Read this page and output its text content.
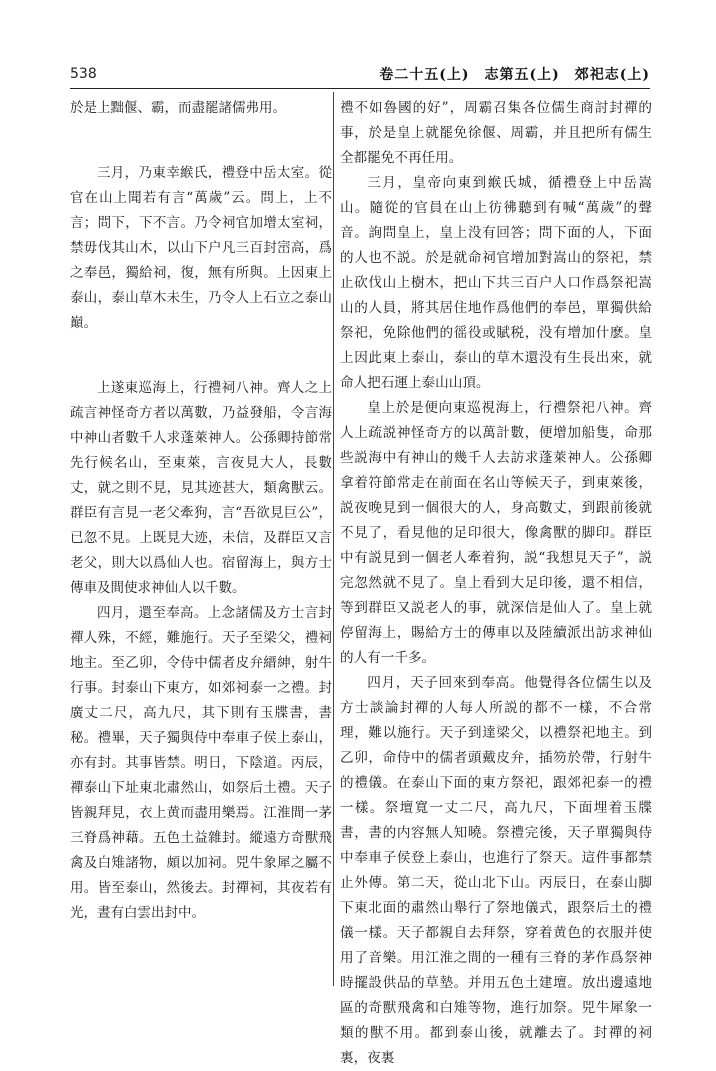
538	卷二十五(上)　志第五(上)　郊祀志(上)

於是上黜偃、霸，而盡罷諸儒弗用。

三月，乃東幸緱氏，禮登中岳太室。從官在山上聞若有言“萬歲”云。問上，上不言；問下，下不言。乃令祠官加增太室祠，禁毋伐其山木，以山下户凡三百封崈高，爲之奉邑，獨給祠，復，無有所與。上因東上泰山，泰山草木未生，乃令人上石立之泰山巔。

上遂東巡海上，行禮祠八神。齊人之上疏言神怪奇方者以萬數，乃益發船，令言海中神山者數千人求蓬萊神人。公孫卿持節常先行候名山，至東萊，言夜見大人，長數丈，就之則不見，見其迹甚大，類禽獸云。群臣有言見一老父牽狗，言“吾欲見巨公”，已忽不見。上既見大迹，未信，及群臣又言老父，則大以爲仙人也。宿留海上，與方士傳車及間使求神仙人以千數。

四月，還至奉高。上念諸儒及方士言封禪人殊，不經，難施行。天子至梁父，禮祠地主。至乙卯，令侍中儒者皮弁縉紳，射牛行事。封泰山下東方，如郊祠泰一之禮。封廣丈二尺，高九尺，其下則有玉牒書，書秘。禮畢，天子獨與侍中奉車子侯上泰山，亦有封。其事皆禁。明日，下陰道。丙辰，禪泰山下址東北肅然山，如祭后土禮。天子皆親拜見，衣上黄而盡用樂焉。江淮間一茅三脊爲神藉。五色土益雜封。縱遠方奇獸飛禽及白雉諸物，頗以加祠。兕牛象犀之屬不用。皆至泰山，然後去。封禪祠，其夜若有光，晝有白雲出封中。

禮不如魯國的好”，周霸召集各位儒生商討封禪的事，於是皇上就罷免徐偃、周霸，并且把所有儒生全都罷免不再任用。

三月，皇帝向東到緱氏城，循禮登上中岳嵩山。隨從的官員在山上彷彿聽到有喊“萬歲”的聲音。詢問皇上，皇上没有回答；問下面的人，下面的人也不説。於是就命祠官增加對嵩山的祭祀，禁止砍伐山上樹木，把山下共三百户人口作爲祭祀嵩山的人員，將其居住地作爲他們的奉邑，單獨供給祭祀，免除他們的徭役或賦税，没有增加什麽。皇上因此東上泰山，泰山的草木還没有生長出來，就命人把石運上泰山山頂。

皇上於是便向東巡視海上，行禮祭祀八神。齊人上疏説神怪奇方的以萬計數，便增加船隻，命那些説海中有神山的幾千人去訪求蓬萊神人。公孫卿拿着符節常走在前面在名山等候天子，到東萊後，説夜晚見到一個很大的人，身高數丈，到跟前後就不見了，看見他的足印很大，像禽獸的脚印。群臣中有説見到一個老人牽着狗，説“我想見天子”，説完忽然就不見了。皇上看到大足印後，還不相信，等到群臣又説老人的事，就深信是仙人了。皇上就停留海上，賜給方士的傳車以及陸續派出訪求神仙的人有一千多。

四月，天子回來到奉高。他覺得各位儒生以及方士談論封禪的人每人所説的都不一樣，不合常理，難以施行。天子到達梁父，以禮祭祀地主。到乙卯，命侍中的儒者頭戴皮弁，插笏於帶，行射牛的禮儀。在泰山下面的東方祭祀，跟郊祀泰一的禮一樣。祭壇寬一丈二尺，高九尺，下面埋着玉牒書，書的内容無人知曉。祭禮完後，天子單獨與侍中奉車子侯登上泰山，也進行了祭天。這件事都禁止外傳。第二天，從山北下山。丙辰日，在泰山脚下東北面的肅然山舉行了祭地儀式，跟祭后土的禮儀一樣。天子都親自去拜祭，穿着黄色的衣服并使用了音樂。用江淮之間的一種有三脊的茅作爲祭神時擺設供品的草墊。并用五色土建壇。放出邊遠地區的奇獸飛禽和白雉等物，進行加祭。兕牛犀象一類的獸不用。都到泰山後，就離去了。封禪的祠裏，夜裏
